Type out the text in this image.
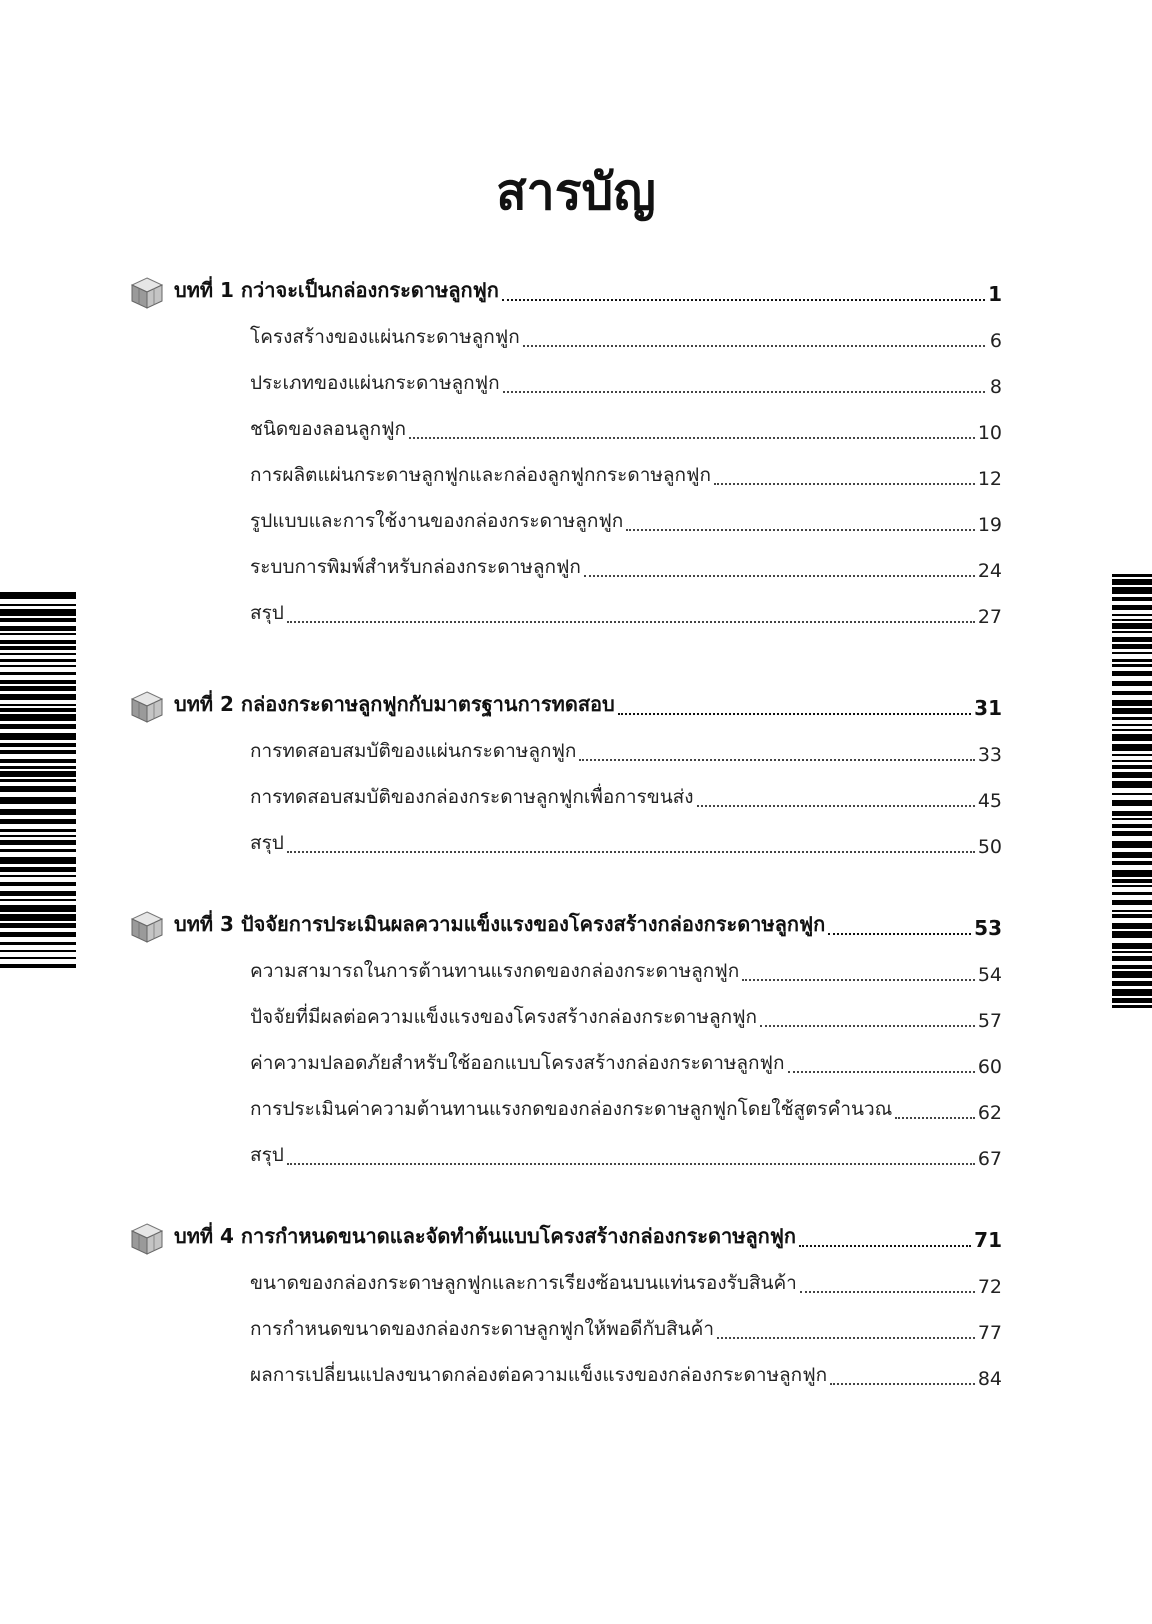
สารบัญ
บทที่ 1 กว่าจะเป็นกล่องกระดาษลูกฟูก	1
โครงสร้างของแผ่นกระดาษลูกฟูก	6
ประเภทของแผ่นกระดาษลูกฟูก	8
ชนิดของลอนลูกฟูก	10
การผลิตแผ่นกระดาษลูกฟูกและกล่องลูกฟูกกระดาษลูกฟูก	12
รูปแบบและการใช้งานของกล่องกระดาษลูกฟูก	19
ระบบการพิมพ์สำหรับกล่องกระดาษลูกฟูก	24
สรุป	27
บทที่ 2 กล่องกระดาษลูกฟูกกับมาตรฐานการทดสอบ	31
การทดสอบสมบัติของแผ่นกระดาษลูกฟูก	33
การทดสอบสมบัติของกล่องกระดาษลูกฟูกเพื่อการขนส่ง	45
สรุป	50
บทที่ 3 ปัจจัยการประเมินผลความแข็งแรงของโครงสร้างกล่องกระดาษลูกฟูก	53
ความสามารถในการต้านทานแรงกดของกล่องกระดาษลูกฟูก	54
ปัจจัยที่มีผลต่อความแข็งแรงของโครงสร้างกล่องกระดาษลูกฟูก	57
ค่าความปลอดภัยสำหรับใช้ออกแบบโครงสร้างกล่องกระดาษลูกฟูก	60
การประเมินค่าความต้านทานแรงกดของกล่องกระดาษลูกฟูกโดยใช้สูตรคำนวณ	62
สรุป	67
บทที่ 4 การกำหนดขนาดและจัดทำต้นแบบโครงสร้างกล่องกระดาษลูกฟูก	71
ขนาดของกล่องกระดาษลูกฟูกและการเรียงซ้อนบนแท่นรองรับสินค้า	72
การกำหนดขนาดของกล่องกระดาษลูกฟูกให้พอดีกับสินค้า	77
ผลการเปลี่ยนแปลงขนาดกล่องต่อความแข็งแรงของกล่องกระดาษลูกฟูก	84
